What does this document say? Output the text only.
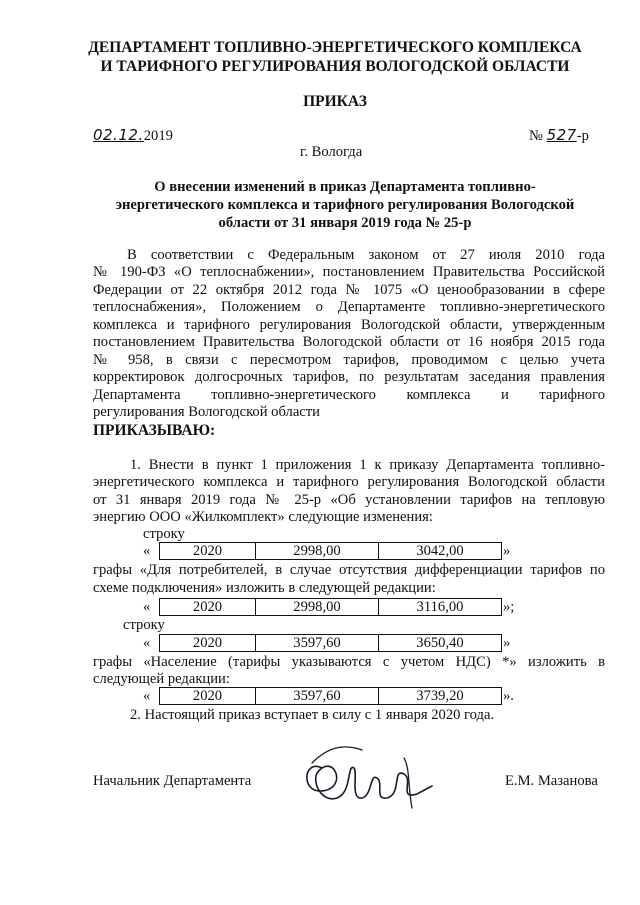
ДЕПАРТАМЕНТ ТОПЛИВНО-ЭНЕРГЕТИЧЕСКОГО КОМПЛЕКСА
И ТАРИФНОГО РЕГУЛИРОВАНИЯ ВОЛОГОДСКОЙ ОБЛАСТИ
ПРИКАЗ
02.12.2019	№ 527-р
г. Вологда
О внесении изменений в приказ Департамента топливно-
энергетического комплекса и тарифного регулирования Вологодской
области от 31 января 2019 года № 25-р
В соответствии с Федеральным законом от 27 июля 2010 года
№ 190-ФЗ «О теплоснабжении», постановлением Правительства Российской
Федерации от 22 октября 2012 года № 1075 «О ценообразовании в сфере
теплоснабжения», Положением о Департаменте топливно-энергетического
комплекса и тарифного регулирования Вологодской области, утвержденным
постановлением Правительства Вологодской области от 16 ноября 2015 года
№ 958, в связи с пересмотром тарифов, проводимом с целью учета
корректировок долгосрочных тарифов, по результатам заседания правления
Департамента топливно-энергетического комплекса и тарифного
регулирования Вологодской области
ПРИКАЗЫВАЮ:
1. Внести в пункт 1 приложения 1 к приказу Департамента топливно-
энергетического комплекса и тарифного регулирования Вологодской области
от 31 января 2019 года № 25-р «Об установлении тарифов на тепловую
энергию ООО «Жилкомплект» следующие изменения:
строку
«	2020	2998,00	3042,00	»
графы «Для потребителей, в случае отсутствия дифференциации тарифов по
схеме подключения» изложить в следующей редакции:
«	2020	2998,00	3116,00	»;
строку
«	2020	3597,60	3650,40	»
графы «Население (тарифы указываются с учетом НДС) *» изложить в
следующей редакции:
«	2020	3597,60	3739,20	».
2. Настоящий приказ вступает в силу с 1 января 2020 года.
Начальник Департамента	Е.М. Мазанова
